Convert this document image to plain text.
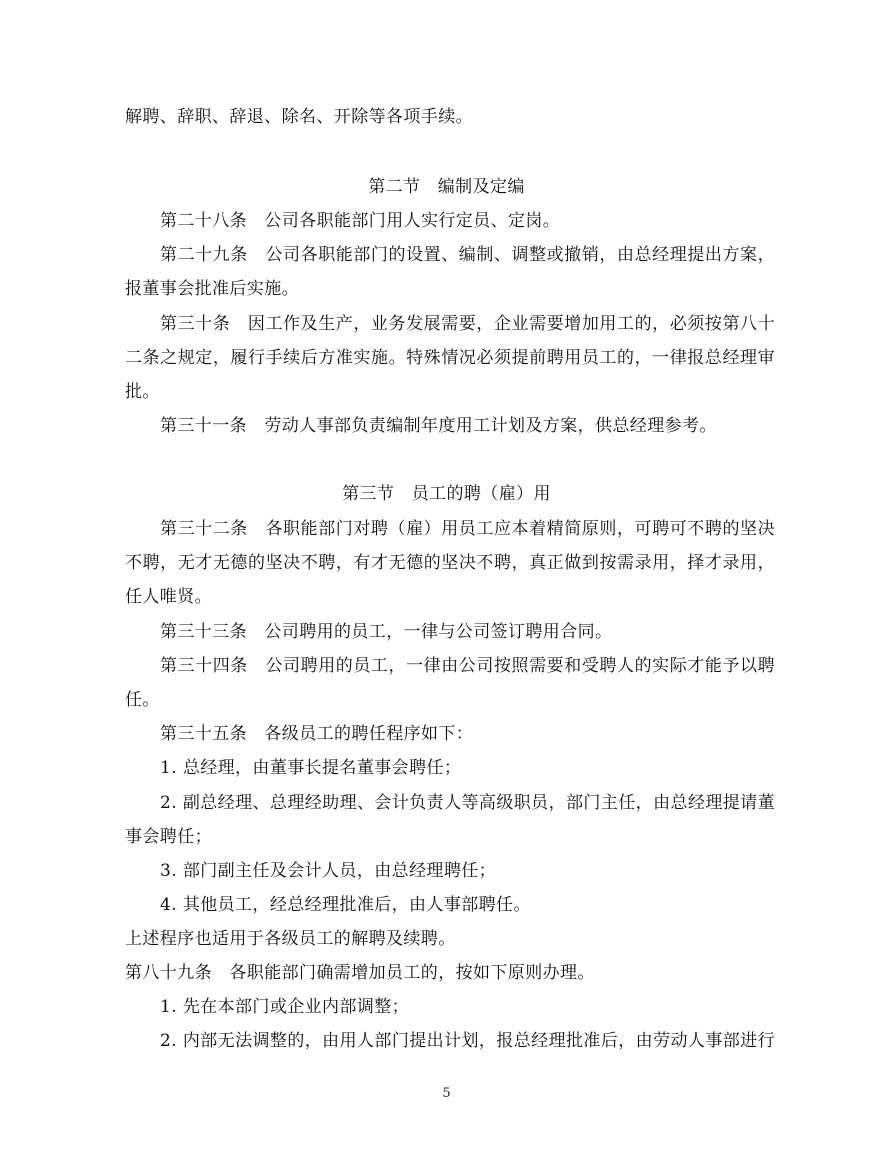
解聘、辞职、辞退、除名、开除等各项手续。
第二节　编制及定编
第二十八条　公司各职能部门用人实行定员、定岗。
第二十九条　公司各职能部门的设置、编制、调整或撤销，由总经理提出方案，
报董事会批准后实施。
第三十条　因工作及生产，业务发展需要，企业需要增加用工的，必须按第八十
二条之规定，履行手续后方准实施。特殊情况必须提前聘用员工的，一律报总经理审
批。
第三十一条　劳动人事部负责编制年度用工计划及方案，供总经理参考。
第三节　员工的聘（雇）用
第三十二条　各职能部门对聘（雇）用员工应本着精简原则，可聘可不聘的坚决
不聘，无才无德的坚决不聘，有才无德的坚决不聘，真正做到按需录用，择才录用，
任人唯贤。
第三十三条　公司聘用的员工，一律与公司签订聘用合同。
第三十四条　公司聘用的员工，一律由公司按照需要和受聘人的实际才能予以聘
任。
第三十五条　各级员工的聘任程序如下：
1. 总经理，由董事长提名董事会聘任；
2. 副总经理、总理经助理、会计负责人等高级职员，部门主任，由总经理提请董
事会聘任；
3. 部门副主任及会计人员，由总经理聘任；
4. 其他员工，经总经理批准后，由人事部聘任。
上述程序也适用于各级员工的解聘及续聘。
第八十九条　各职能部门确需增加员工的，按如下原则办理。
1. 先在本部门或企业内部调整；
2. 内部无法调整的，由用人部门提出计划，报总经理批准后，由劳动人事部进行
5
